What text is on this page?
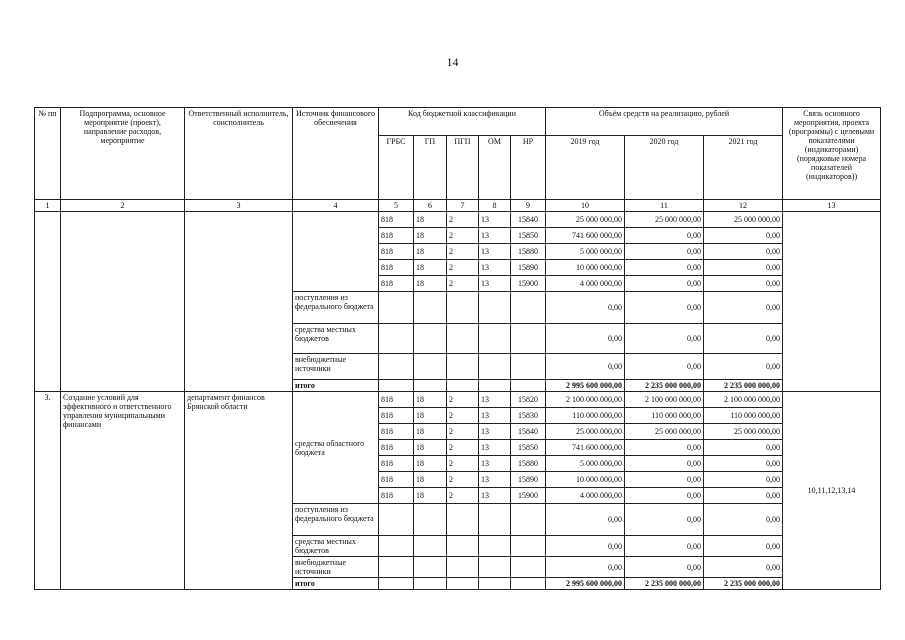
14
№ пп	Подпрограмма, основное мероприятие (проект), направление расходов, мероприятие	Ответственный исполнитель, соисполнитель	Источник финансового обеспечения	Код бюджетной классификации					Объём средств на реализацию, рублей			Связь основного мероприятия, проекта (программы) с целевыми показателями (индикаторами) (порядковые номера показателей (индикаторов))
				ГРБС	ГП	ПГП	ОМ	НР	2019 год	2020 год	2021 год	
1	2	3	4	5	6	7	8	9	10	11	12	13
				818	18	2	13	15840	25 000 000,00	25 000 000,00	25 000 000,00	
				818	18	2	13	15850	741 600 000,00	0,00	0,00	
				818	18	2	13	15880	5 000 000,00	0,00	0,00	
				818	18	2	13	15890	10 000 000,00	0,00	0,00	
				818	18	2	13	15900	4 000 000,00	0,00	0,00	
			поступления из федерального бюджета						0,00	0,00	0,00	
			средства местных бюджетов						0,00	0,00	0,00	
			внебюджетные источники						0,00	0,00	0,00	
			итого						2 995 600 000,00	2 235 000 000,00	2 235 000 000,00	
3.	Создание условий для эффективного и ответственного управления муниципальными финансами	департамент финансов Брянской области	средства областного бюджета	818	18	2	13	15820	2 100 000 000,00	2 100 000 000,00	2 100 000 000,00	10,11,12,13,14
				818	18	2	13	15830	110 000 000,00	110 000 000,00	110 000 000,00	
				818	18	2	13	15840	25 000 000,00	25 000 000,00	25 000 000,00	
				818	18	2	13	15850	741 600 000,00	0,00	0,00	
				818	18	2	13	15880	5 000 000,00	0,00	0,00	
				818	18	2	13	15890	10 000 000,00	0,00	0,00	
				818	18	2	13	15900	4 000 000,00	0,00	0,00	
			поступления из федерального бюджета						0,00	0,00	0,00	
			средства местных бюджетов						0,00	0,00	0,00	
			внебюджетные источники						0,00	0,00	0,00	
			итого						2 995 600 000,00	2 235 000 000,00	2 235 000 000,00	
